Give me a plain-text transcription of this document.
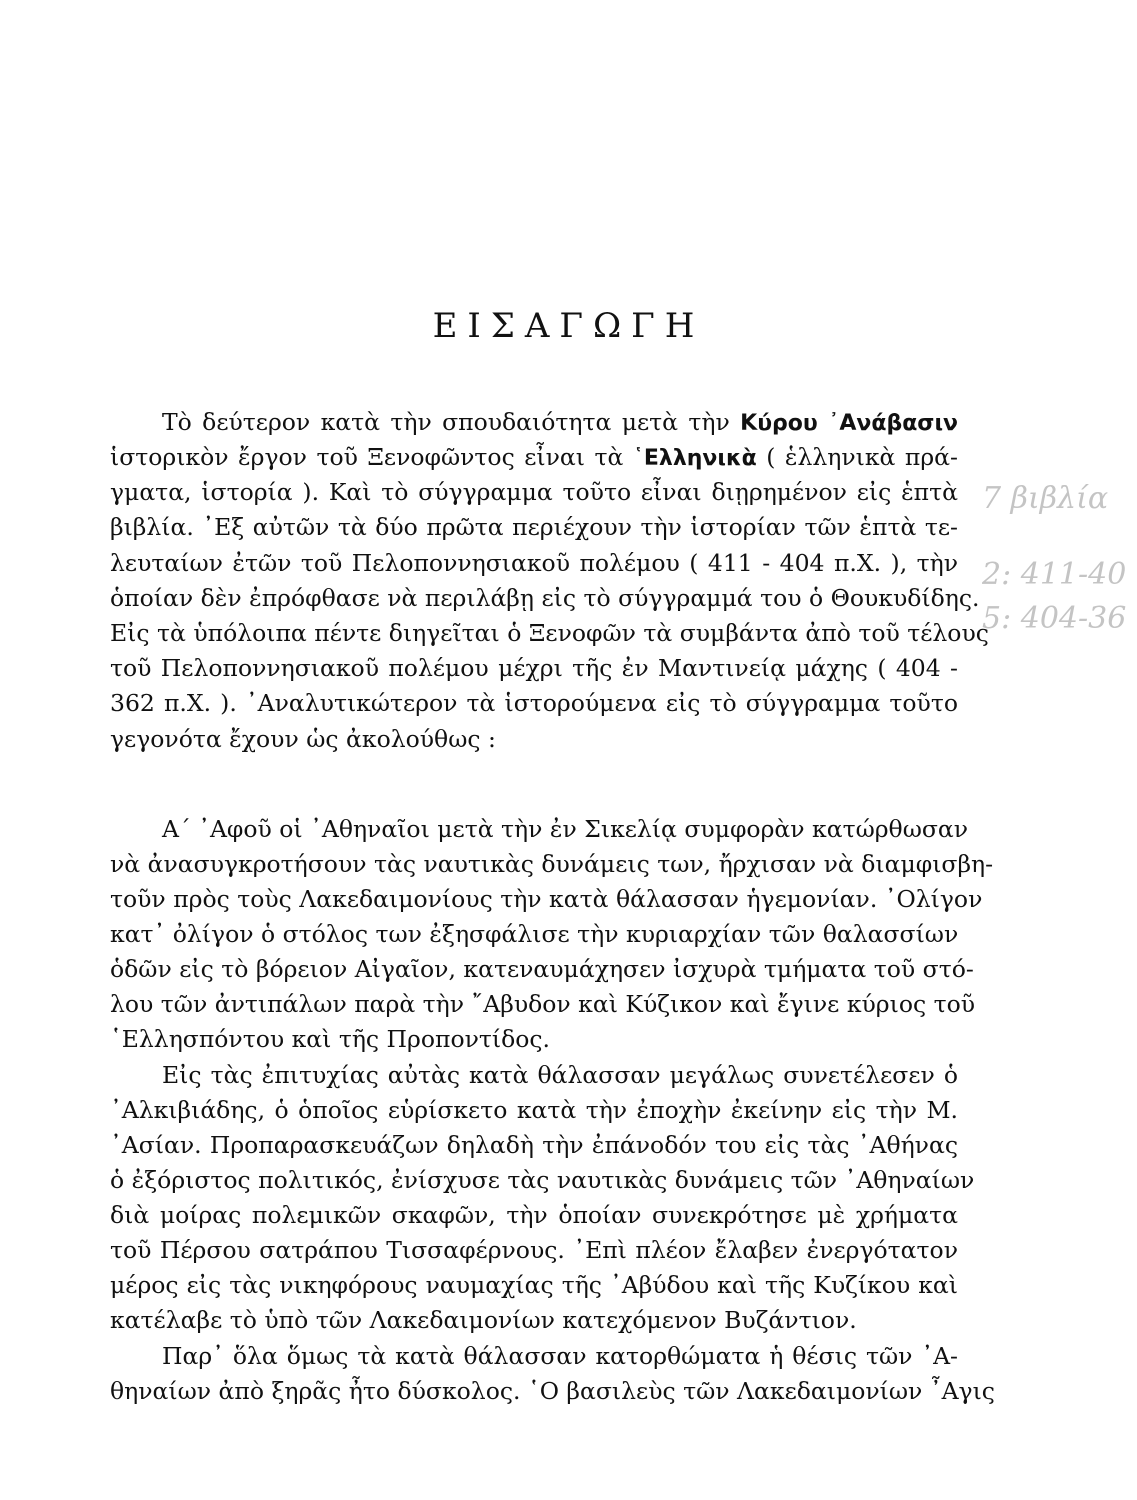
ΕΙΣΑΓΩΓΗ
Τὸ δεύτερον κατὰ τὴν σπουδαιότητα μετὰ τὴν Κύρου ᾿Ανάβασιν
ἱστορικὸν ἔργον τοῦ Ξενοφῶντος εἶναι τὰ ῾Ελληνικὰ ( ἑλληνικὰ πρά-
γματα, ἱστορία ). Καὶ τὸ σύγγραμμα τοῦτο εἶναι διῃρημένον εἰς ἑπτὰ
βιβλία. ᾿Εξ αὐτῶν τὰ δύο πρῶτα περιέχουν τὴν ἱστορίαν τῶν ἑπτὰ τε-
λευταίων ἐτῶν τοῦ Πελοποννησιακοῦ πολέμου ( 411 - 404 π.Χ. ), τὴν
ὁποίαν δὲν ἐπρόφθασε νὰ περιλάβῃ εἰς τὸ σύγγραμμά του ὁ Θουκυδίδης.
Εἰς τὰ ὑπόλοιπα πέντε διηγεῖται ὁ Ξενοφῶν τὰ συμβάντα ἀπὸ τοῦ τέλους
τοῦ Πελοποννησιακοῦ πολέμου μέχρι τῆς ἐν Μαντινείᾳ μάχης ( 404 -
362 π.Χ. ). ᾿Αναλυτικώτερον τὰ ἱστορούμενα εἰς τὸ σύγγραμμα τοῦτο
γεγονότα ἔχουν ὡς ἀκολούθως :
Α΄ ᾿Αφοῦ οἱ ᾿Αθηναῖοι μετὰ τὴν ἐν Σικελίᾳ συμφορὰν κατώρθωσαν
νὰ ἀνασυγκροτήσουν τὰς ναυτικὰς δυνάμεις των, ἤρχισαν νὰ διαμφισβη-
τοῦν πρὸς τοὺς Λακεδαιμονίους τὴν κατὰ θάλασσαν ἡγεμονίαν. ᾿Ολίγον
κατ᾿ ὀλίγον ὁ στόλος των ἐξησφάλισε τὴν κυριαρχίαν τῶν θαλασσίων
ὁδῶν εἰς τὸ βόρειον Αἰγαῖον, κατεναυμάχησεν ἰσχυρὰ τμήματα τοῦ στό-
λου τῶν ἀντιπάλων παρὰ τὴν ῎Αβυδον καὶ Κύζικον καὶ ἔγινε κύριος τοῦ
῾Ελλησπόντου καὶ τῆς Προποντίδος.
Εἰς τὰς ἐπιτυχίας αὐτὰς κατὰ θάλασσαν μεγάλως συνετέλεσεν ὁ
᾿Αλκιβιάδης, ὁ ὁποῖος εὑρίσκετο κατὰ τὴν ἐποχὴν ἐκείνην εἰς τὴν Μ.
᾿Ασίαν. Προπαρασκευάζων δηλαδὴ τὴν ἐπάνοδόν του εἰς τὰς ᾿Αθήνας
ὁ ἐξόριστος πολιτικός, ἐνίσχυσε τὰς ναυτικὰς δυνάμεις τῶν ᾿Αθηναίων
διὰ μοίρας πολεμικῶν σκαφῶν, τὴν ὁποίαν συνεκρότησε μὲ χρήματα
τοῦ Πέρσου σατράπου Τισσαφέρνους. ᾿Επὶ πλέον ἔλαβεν ἐνεργότατον
μέρος εἰς τὰς νικηφόρους ναυμαχίας τῆς ᾿Αβύδου καὶ τῆς Κυζίκου καὶ
κατέλαβε τὸ ὑπὸ τῶν Λακεδαιμονίων κατεχόμενον Βυζάντιον.
Παρ᾿ ὅλα ὅμως τὰ κατὰ θάλασσαν κατορθώματα ἡ θέσις τῶν ᾿Α-
θηναίων ἀπὸ ξηρᾶς ἦτο δύσκολος. ῾Ο βασιλεὺς τῶν Λακεδαιμονίων ῏Αγις
7 βιβλία
2: 411-40
5: 404-36
